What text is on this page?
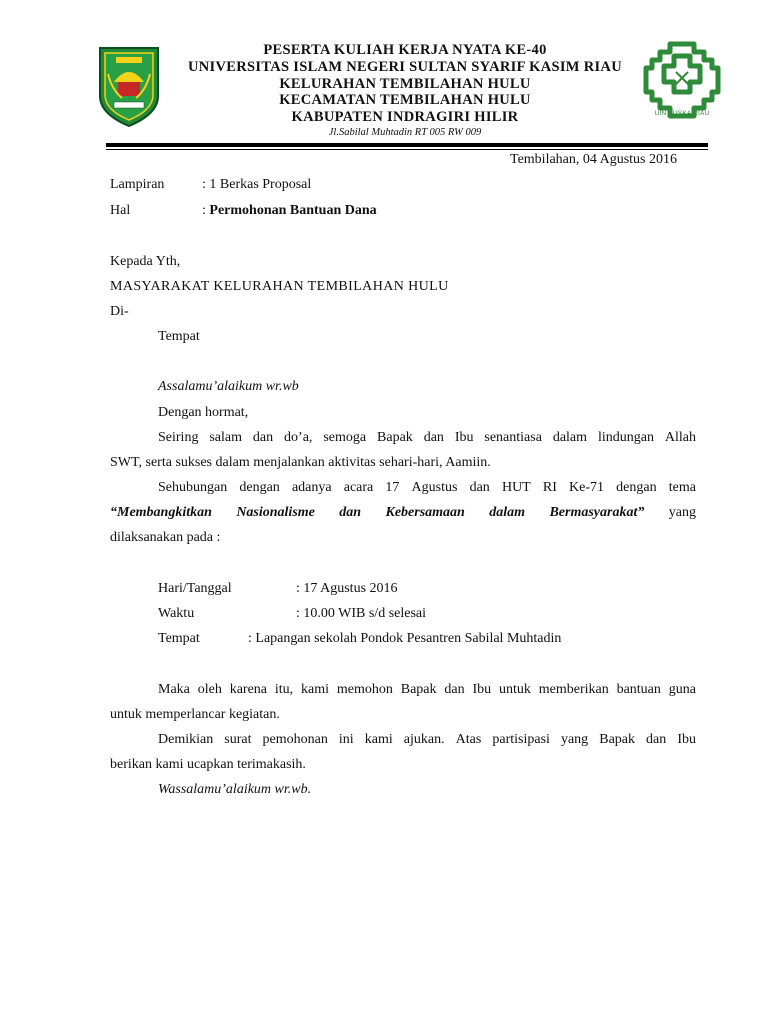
PESERTA KULIAH KERJA NYATA KE-40
UNIVERSITAS ISLAM NEGERI SULTAN SYARIF KASIM RIAU
KELURAHAN TEMBILAHAN HULU
KECAMATAN TEMBILAHAN HULU
KABUPATEN INDRAGIRI HILIR
Jl.Sabilal Muhtadin RT 005 RW 009
UIN SUSKA RIAU
Tembilahan, 04 Agustus 2016
Lampiran	: 1 Berkas Proposal
Hal	: Permohonan Bantuan Dana
Kepada Yth,
MASYARAKAT KELURAHAN TEMBILAHAN HULU
Di-
Tempat
Assalamu’alaikum wr.wb
Dengan hormat,
Seiring salam dan do’a, semoga Bapak dan Ibu senantiasa dalam lindungan Allah
SWT, serta sukses dalam menjalankan aktivitas sehari-hari, Aamiin.
Sehubungan dengan adanya acara 17 Agustus dan HUT RI Ke-71 dengan tema
“Membangkitkan Nasionalisme dan Kebersamaan dalam Bermasyarakat” yang
dilaksanakan pada :
Hari/Tanggal	: 17 Agustus 2016
Waktu	: 10.00 WIB s/d selesai
Tempat	: Lapangan sekolah Pondok Pesantren Sabilal Muhtadin
Maka oleh karena itu, kami memohon Bapak dan Ibu untuk memberikan bantuan guna
untuk memperlancar kegiatan.
Demikian surat pemohonan ini kami ajukan. Atas partisipasi yang Bapak dan Ibu
berikan kami ucapkan terimakasih.
Wassalamu’alaikum wr.wb.
